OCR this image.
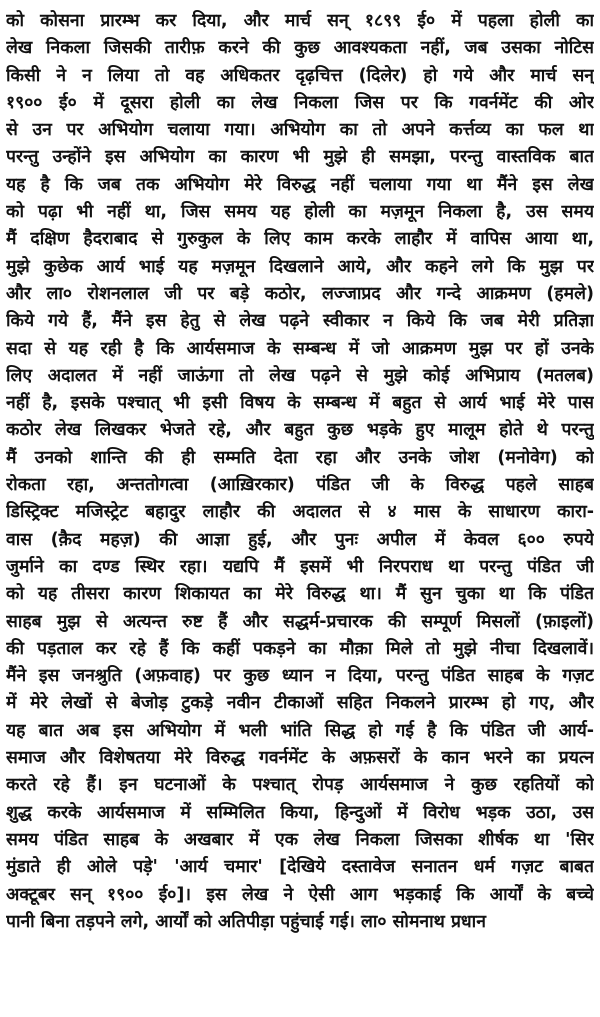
को कोसना प्रारम्भ कर दिया, और मार्च सन् १८९९ ई० में पहला होली का
लेख निकला जिसकी तारीफ़ करने की कुछ आवश्यकता नहीं, जब उसका नोटिस
किसी ने न लिया तो वह अधिकतर दृढ़चित्त (दिलेर) हो गये और मार्च सन्
१९०० ई० में दूसरा होली का लेख निकला जिस पर कि गवर्नमेंट की ओर
से उन पर अभियोग चलाया गया। अभियोग का तो अपने कर्त्तव्य का फल था
परन्तु उन्होंने इस अभियोग का कारण भी मुझे ही समझा, परन्तु वास्तविक बात
यह है कि जब तक अभियोग मेरे विरुद्ध नहीं चलाया गया था मैंने इस लेख
को पढ़ा भी नहीं था, जिस समय यह होली का मज़मून निकला है, उस समय
मैं दक्षिण हैदराबाद से गुरुकुल के लिए काम करके लाहौर में वापिस आया था,
मुझे कुछेक आर्य भाई यह मज़मून दिखलाने आये, और कहने लगे कि मुझ पर
और ला० रोशनलाल जी पर बड़े कठोर, लज्जाप्रद और गन्दे आक्रमण (हमले)
किये गये हैं, मैंने इस हेतु से लेख पढ़ने स्वीकार न किये कि जब मेरी प्रतिज्ञा
सदा से यह रही है कि आर्यसमाज के सम्बन्ध में जो आक्रमण मुझ पर हों उनके
लिए अदालत में नहीं जाऊंगा तो लेख पढ़ने से मुझे कोई अभिप्राय (मतलब)
नहीं है, इसके पश्चात् भी इसी विषय के सम्बन्ध में बहुत से आर्य भाई मेरे पास
कठोर लेख लिखकर भेजते रहे, और बहुत कुछ भड़के हुए मालूम होते थे परन्तु
मैं उनको शान्ति की ही सम्मति देता रहा और उनके जोश (मनोवेग) को
रोकता रहा, अन्ततोगत्वा (आख़िरकार) पंडित जी के विरुद्ध पहले साहब
डिस्ट्रिक्ट मजिस्ट्रेट बहादुर लाहौर की अदालत से ४ मास के साधारण कारा-
वास (क़ैद महज़) की आज्ञा हुई, और पुनः अपील में केवल ६०० रुपये
जुर्माने का दण्ड स्थिर रहा। यद्यपि मैं इसमें भी निरपराध था परन्तु पंडित जी
को यह तीसरा कारण शिकायत का मेरे विरुद्ध था। मैं सुन चुका था कि पंडित
साहब मुझ से अत्यन्त रुष्ट हैं और सद्धर्म-प्रचारक की सम्पूर्ण मिसलों (फ़ाइलों)
की पड़ताल कर रहे हैं कि कहीं पकड़ने का मौक़ा मिले तो मुझे नीचा दिखलावें।
मैंने इस जनश्रुति (अफ़वाह) पर कुछ ध्यान न दिया, परन्तु पंडित साहब के गज़ट
में मेरे लेखों से बेजोड़ टुकड़े नवीन टीकाओं सहित निकलने प्रारम्भ हो गए, और
यह बात अब इस अभियोग में भली भांति सिद्ध हो गई है कि पंडित जी आर्य-
समाज और विशेषतया मेरे विरुद्ध गवर्नमेंट के अफ़सरों के कान भरने का प्रयत्न
करते रहे हैं। इन घटनाओं के पश्चात् रोपड़ आर्यसमाज ने कुछ रहतियों को
शुद्ध करके आर्यसमाज में सम्मिलित किया, हिन्दुओं में विरोध भड़क उठा, उस
समय पंडित साहब के अखबार में एक लेख निकला जिसका शीर्षक था 'सिर
मुंडाते ही ओले पड़े' 'आर्य चमार' [देखिये दस्तावेज सनातन धर्म गज़ट बाबत
अक्टूबर सन् १९०० ई०]। इस लेख ने ऐसी आग भड़काई कि आर्यों के बच्चे
पानी बिना तड़पने लगे, आर्यों को अतिपीड़ा पहुंचाई गई। ला० सोमनाथ प्रधान
